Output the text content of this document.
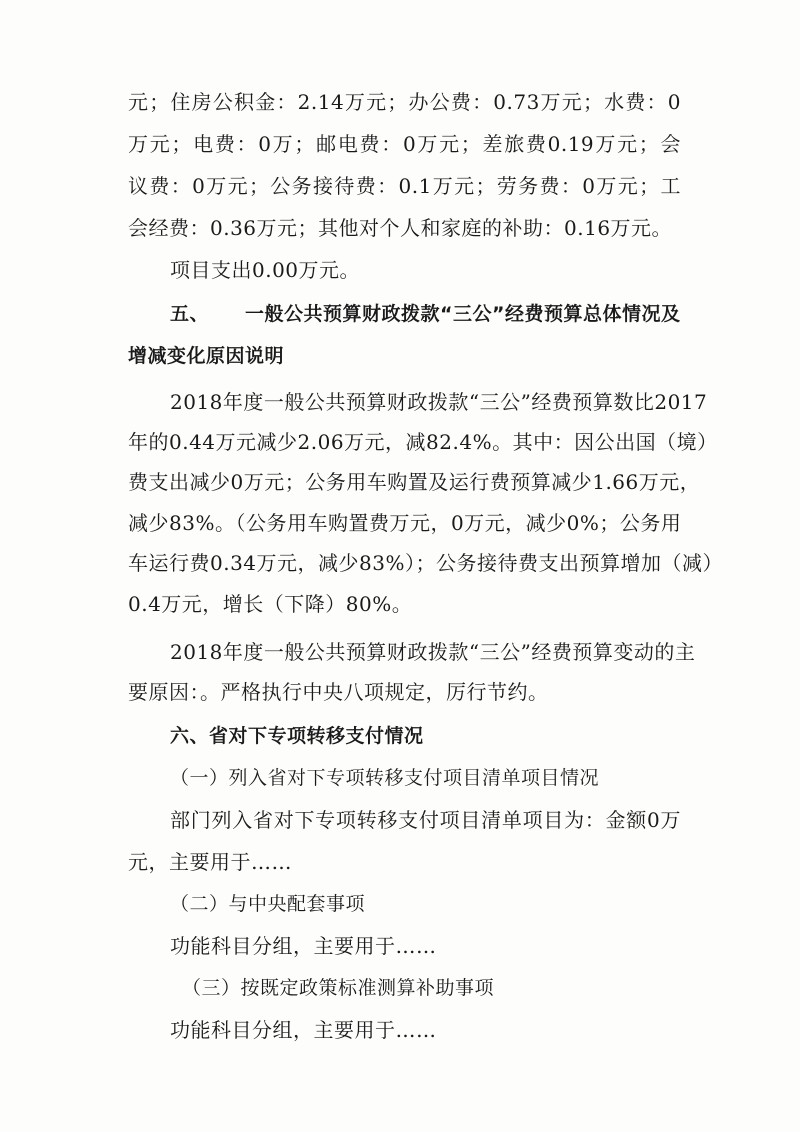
元；住房公积金：2.14万元；办公费：0.73万元；水费：0
万元；电费：0万；邮电费：0万元；差旅费0.19万元；会
议费：0万元；公务接待费：0.1万元；劳务费：0万元；工
会经费：0.36万元；其他对个人和家庭的补助：0.16万元。
项目支出0.00万元。
五、 一般公共预算财政拨款“三公”经费预算总体情况及
增减变化原因说明
2018年度一般公共预算财政拨款“三公”经费预算数比2017
年的0.44万元减少2.06万元，减82.4%。其中：因公出国（境）
费支出减少0万元；公务用车购置及运行费预算减少1.66万元，
减少83%。（公务用车购置费万元，0万元，减少0%；公务用
车运行费0.34万元，减少83%）；公务接待费支出预算增加（减）
0.4万元，增长（下降）80%。
2018年度一般公共预算财政拨款“三公”经费预算变动的主
要原因：。严格执行中央八项规定，厉行节约。
六、省对下专项转移支付情况
（一）列入省对下专项转移支付项目清单项目情况
部门列入省对下专项转移支付项目清单项目为：金额0万
元，主要用于……
（二）与中央配套事项
功能科目分组，主要用于……
（三）按既定政策标准测算补助事项
功能科目分组，主要用于……
